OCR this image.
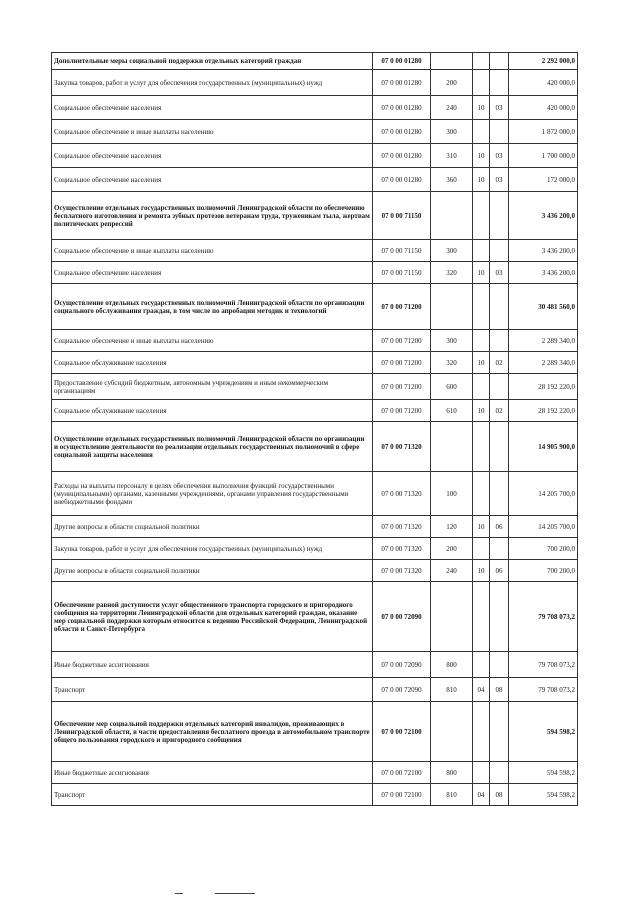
Дополнительные меры социальной поддержки отдельных категорий граждан	07 0 00 01280				2 292 000,0
Закупка товаров, работ и услуг для обеспечения государственных (муниципальных) нужд	07 0 00 01280	200			420 000,0
Социальное обеспечение населения	07 0 00 01280	240	10	03	420 000,0
Социальное обеспечение и иные выплаты населению	07 0 00 01280	300			1 872 000,0
Социальное обеспечение населения	07 0 00 01280	310	10	03	1 700 000,0
Социальное обеспечение населения	07 0 00 01280	360	10	03	172 000,0
Осуществление отдельных государственных полномочий Ленинградской области по обеспечению бесплатного изготовления и ремонта зубных протезов ветеранам труда, труженикам тыла, жертвам политических репрессий	07 0 00 71150				3 436 200,0
Социальное обеспечение и иные выплаты населению	07 0 00 71150	300			3 436 200,0
Социальное обеспечение населения	07 0 00 71150	320	10	03	3 436 200,0
Осуществление отдельных государственных полномочий Ленинградской области по организации социального обслуживания граждан, в том числе по апробации методик и технологий	07 0 00 71200				30 481 560,0
Социальное обеспечение и иные выплаты населению	07 0 00 71200	300			2 289 340,0
Социальное обслуживание населения	07 0 00 71200	320	10	02	2 289 340,0
Предоставление субсидий бюджетным, автономным учреждениям и иным некоммерческим организациям	07 0 00 71200	600			28 192 220,0
Социальное обслуживание населения	07 0 00 71200	610	10	02	28 192 220,0
Осуществление отдельных государственных полномочий Ленинградской области по организации и осуществлению деятельности по реализации отдельных государственных полномочий в сфере социальной защиты населения	07 0 00 71320				14 905 900,0
Расходы на выплаты персоналу в целях обеспечения выполнения функций государственными (муниципальными) органами, казенными учреждениями, органами управления государственными внебюджетными фондами	07 0 00 71320	100			14 205 700,0
Другие вопросы в области социальной политики	07 0 00 71320	120	10	06	14 205 700,0
Закупка товаров, работ и услуг для обеспечения государственных (муниципальных) нужд	07 0 00 71320	200			700 200,0
Другие вопросы в области социальной политики	07 0 00 71320	240	10	06	700 200,0
Обеспечение равной доступности услуг общественного транспорта городского и пригородного сообщения на территории Ленинградской области для отдельных категорий граждан, оказание мер социальной поддержки которым относится к ведению Российской Федерации, Ленинградской области и Санкт-Петербурга	07 0 00 72090				79 708 073,2
Иные бюджетные ассигнования	07 0 00 72090	800			79 708 073,2
Транспорт	07 0 00 72090	810	04	08	79 708 073,2
Обеспечение мер социальной поддержки отдельных категорий инвалидов, проживающих в Ленинградской области, в части предоставления бесплатного проезда в автомобильном транспорте общего пользования городского и пригородного сообщения	07 0 00 72100				594 598,2
Иные бюджетные ассигнования	07 0 00 72100	800			594 598,2
Транспорт	07 0 00 72100	810	04	08	594 598,2
